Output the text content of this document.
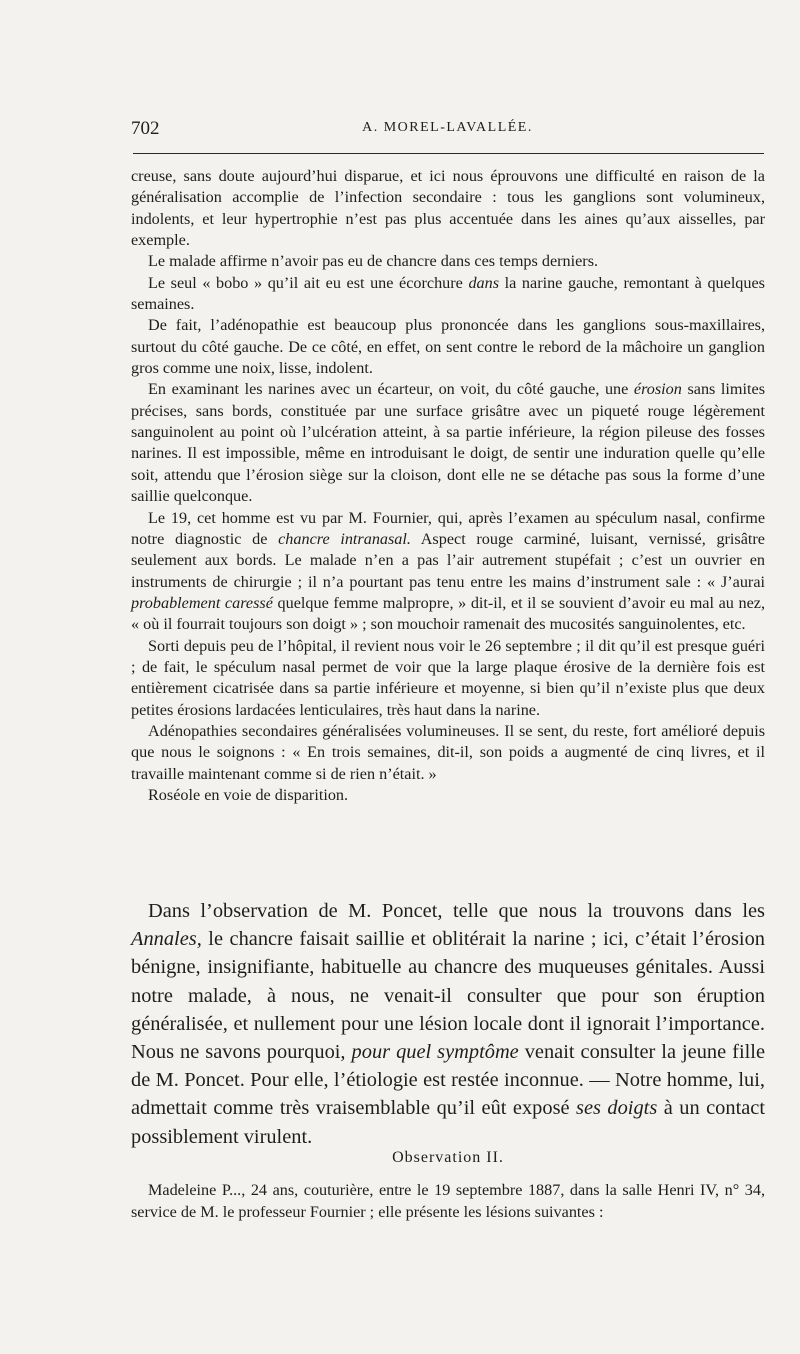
702	A. MOREL-LAVALLÉE.

creuse, sans doute aujourd’hui disparue, et ici nous éprouvons une difficulté en raison de la généralisation accomplie de l’infection secondaire : tous les ganglions sont volumineux, indolents, et leur hypertrophie n’est pas plus accentuée dans les aines qu’aux aisselles, par exemple.

Le malade affirme n’avoir pas eu de chancre dans ces temps derniers.

Le seul « bobo » qu’il ait eu est une écorchure dans la narine gauche, remontant à quelques semaines.

De fait, l’adénopathie est beaucoup plus prononcée dans les ganglions sous-maxillaires, surtout du côté gauche. De ce côté, en effet, on sent contre le rebord de la mâchoire un ganglion gros comme une noix, lisse, indolent.

En examinant les narines avec un écarteur, on voit, du côté gauche, une érosion sans limites précises, sans bords, constituée par une surface grisâtre avec un piqueté rouge légèrement sanguinolent au point où l’ulcération atteint, à sa partie inférieure, la région pileuse des fosses narines. Il est impossible, même en introduisant le doigt, de sentir une induration quelle qu’elle soit, attendu que l’érosion siège sur la cloison, dont elle ne se détache pas sous la forme d’une saillie quelconque.

Le 19, cet homme est vu par M. Fournier, qui, après l’examen au spéculum nasal, confirme notre diagnostic de chancre intranasal. Aspect rouge carminé, luisant, vernissé, grisâtre seulement aux bords. Le malade n’en a pas l’air autrement stupéfait ; c’est un ouvrier en instruments de chirurgie ; il n’a pourtant pas tenu entre les mains d’instrument sale : « J’aurai probablement caressé quelque femme malpropre, » dit-il, et il se souvient d’avoir eu mal au nez, « où il fourrait toujours son doigt » ; son mouchoir ramenait des mucosités sanguinolentes, etc.

Sorti depuis peu de l’hôpital, il revient nous voir le 26 septembre ; il dit qu’il est presque guéri ; de fait, le spéculum nasal permet de voir que la large plaque érosive de la dernière fois est entièrement cicatrisée dans sa partie inférieure et moyenne, si bien qu’il n’existe plus que deux petites érosions lardacées lenticulaires, très haut dans la narine.

Adénopathies secondaires généralisées volumineuses. Il se sent, du reste, fort amélioré depuis que nous le soignons : « En trois semaines, dit-il, son poids a augmenté de cinq livres, et il travaille maintenant comme si de rien n’était. »

Roséole en voie de disparition.

Dans l’observation de M. Poncet, telle que nous la trouvons dans les Annales, le chancre faisait saillie et oblitérait la narine ; ici, c’était l’érosion bénigne, insignifiante, habituelle au chancre des muqueuses génitales. Aussi notre malade, à nous, ne venait-il consulter que pour son éruption généralisée, et nullement pour une lésion locale dont il ignorait l’importance. Nous ne savons pourquoi, pour quel symptôme venait consulter la jeune fille de M. Poncet. Pour elle, l’étiologie est restée inconnue. — Notre homme, lui, admettait comme très vraisemblable qu’il eût exposé ses doigts à un contact possiblement virulent.

Observation II.

Madeleine P..., 24 ans, couturière, entre le 19 septembre 1887, dans la salle Henri IV, n° 34, service de M. le professeur Fournier ; elle présente les lésions suivantes :
